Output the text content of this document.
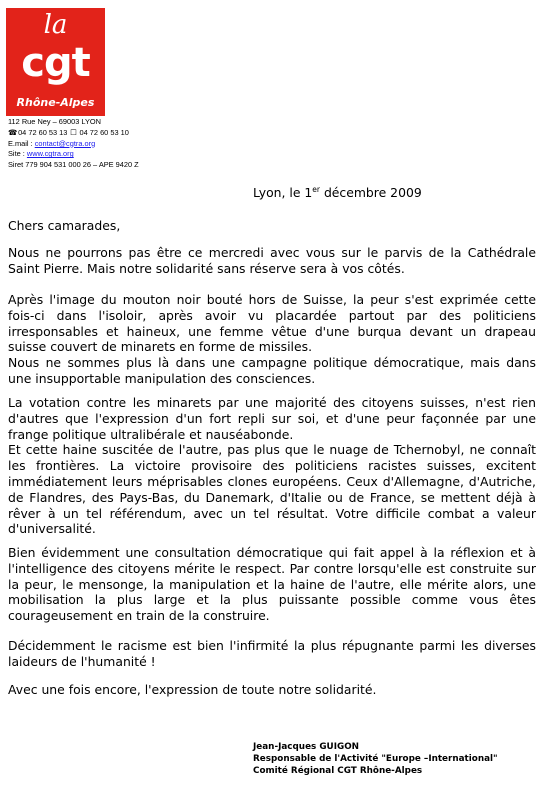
la
cgt
Rhône-Alpes
112 Rue Ney – 69003 LYON
☎ 04 72 60 53 13 ☐ 04 72 60 53 10
E.mail : contact@cgtra.org
Site : www.cgtra.org
Siret 779 904 531 000 26 – APE 9420 Z
Lyon, le 1er décembre 2009

Chers camarades,

Nous ne pourrons pas être ce mercredi avec vous sur le parvis de la Cathédrale Saint Pierre. Mais notre solidarité sans réserve sera à vos côtés.

Après l'image du mouton noir bouté hors de Suisse, la peur s'est exprimée cette fois-ci dans l'isoloir, après avoir vu placardée partout par des politiciens irresponsables et haineux, une femme vêtue d'une burqua devant un drapeau suisse couvert de minarets en forme de missiles.

Nous ne sommes plus là dans une campagne politique démocratique, mais dans une insupportable manipulation des consciences.

La votation contre les minarets par une majorité des citoyens suisses, n'est rien d'autres que l'expression d'un fort repli sur soi, et d'une peur façonnée par une frange politique ultralibérale et nauséabonde.

Et cette haine suscitée de l'autre, pas plus que le nuage de Tchernobyl, ne connaît les frontières. La victoire provisoire des politiciens racistes suisses, excitent immédiatement leurs méprisables clones européens. Ceux d'Allemagne, d'Autriche, de Flandres, des Pays-Bas, du Danemark, d'Italie ou de France, se mettent déjà à rêver à un tel référendum, avec un tel résultat. Votre difficile combat a valeur d'universalité.

Bien évidemment une consultation démocratique qui fait appel à la réflexion et à l'intelligence des citoyens mérite le respect. Par contre lorsqu'elle est construite sur la peur, le mensonge, la manipulation et la haine de l'autre, elle mérite alors, une mobilisation la plus large et la plus puissante possible comme vous êtes courageusement en train de la construire.

Décidemment le racisme est bien l'infirmité la plus répugnante parmi les diverses laideurs de l'humanité !

Avec une fois encore, l'expression de toute notre solidarité.

Jean-Jacques GUIGON
Responsable de l'Activité "Europe –International"
Comité Régional CGT Rhône-Alpes
